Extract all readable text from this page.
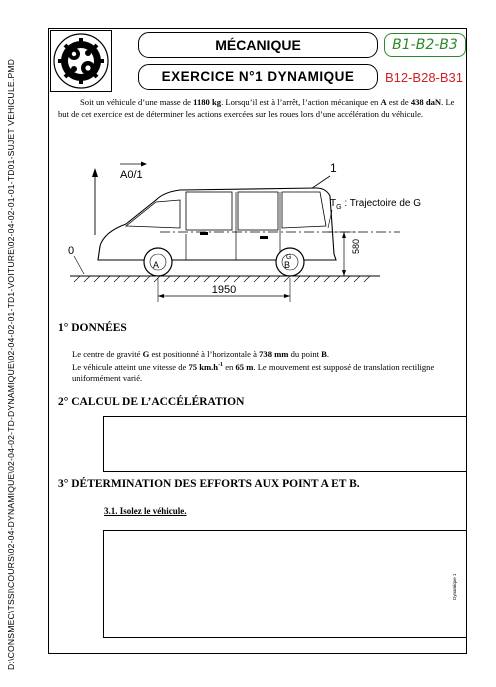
D:\CONSMEC\TSSI\COURS\02-04-DYNAMIQUE\02-04-02-TD-DYNAMIQUE\02-04-02-01-TD1-VOITURE\02-04-02-01-01-TD01-SUJET VEHICULE.PMD
MÉCANIQUE
EXERCICE N°1 DYNAMIQUE
B1-B2-B3
B12-B28-B31
Soit un véhicule d’une masse de 1180 kg. Lorsqu’il est à l’arrêt, l’action mécanique en A est de 438 daN. Le but de cet exercice est de déterminer les actions exercées sur les roues lors d’une accélération du véhicule.
A0/1	1
$T_G$ : Trajectoire de G
A	B
G
0	580
1950
1° DONNÉES
Le centre de gravité G est positionné à l’horizontale à 738 mm du point B.
Le véhicule atteint une vitesse de 75 $km.h^{-1}$ en 65 m. Le mouvement est supposé de translation rectiligne uniformément varié.
2° CALCUL DE L’ACCÉLÉRATION
3° DÉTERMINATION DES EFFORTS AUX POINT A ET B.
3.1. Isolez le véhicule.
Dynamique 1
